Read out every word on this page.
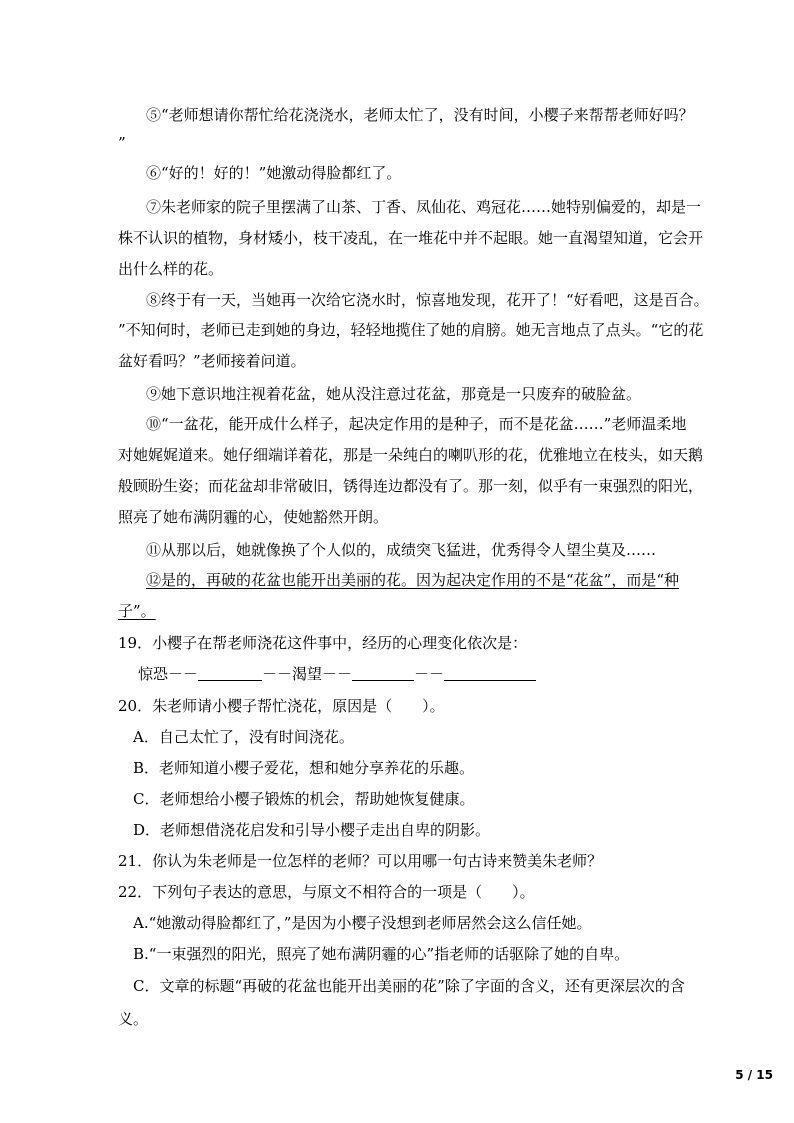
⑤“老师想请你帮忙给花浇浇水，老师太忙了，没有时间，小樱子来帮帮老师好吗？
”
⑥“好的！好的！”她激动得脸都红了。
⑦朱老师家的院子里摆满了山茶、丁香、凤仙花、鸡冠花……她特别偏爱的，却是一
株不认识的植物，身材矮小，枝干凌乱，在一堆花中并不起眼。她一直渴望知道，它会开
出什么样的花。
⑧终于有一天，当她再一次给它浇水时，惊喜地发现，花开了！“好看吧，这是百合。
”不知何时，老师已走到她的身边，轻轻地揽住了她的肩膀。她无言地点了点头。“它的花
盆好看吗？”老师接着问道。
⑨她下意识地注视着花盆，她从没注意过花盆，那竟是一只废弃的破脸盆。
⑩“一盆花，能开成什么样子，起决定作用的是种子，而不是花盆……”老师温柔地
对她娓娓道来。她仔细端详着花，那是一朵纯白的喇叭形的花，优雅地立在枝头，如天鹅
般顾盼生姿；而花盆却非常破旧，锈得连边都没有了。那一刻，似乎有一束强烈的阳光，
照亮了她布满阴霾的心，使她豁然开朗。
⑪从那以后，她就像换了个人似的，成绩突飞猛进，优秀得令人望尘莫及……
⑫是的，再破的花盆也能开出美丽的花。因为起决定作用的不是“花盆”，而是“种
子”。
19．小樱子在帮老师浇花这件事中，经历的心理变化依次是：
惊恐－－	－－渴望－－	－－
20．朱老师请小樱子帮忙浇花，原因是（　　）。
A．自己太忙了，没有时间浇花。
B．老师知道小樱子爱花，想和她分享养花的乐趣。
C．老师想给小樱子锻炼的机会，帮助她恢复健康。
D．老师想借浇花启发和引导小樱子走出自卑的阴影。
21．你认为朱老师是一位怎样的老师？可以用哪一句古诗来赞美朱老师？
22．下列句子表达的意思，与原文不相符合的一项是（　　）。
A.“她激动得脸都红了，”是因为小樱子没想到老师居然会这么信任她。
B.“一束强烈的阳光，照亮了她布满阴霾的心”指老师的话驱除了她的自卑。
C．文章的标题“再破的花盆也能开出美丽的花”除了字面的含义，还有更深层次的含
义。
5 / 15
